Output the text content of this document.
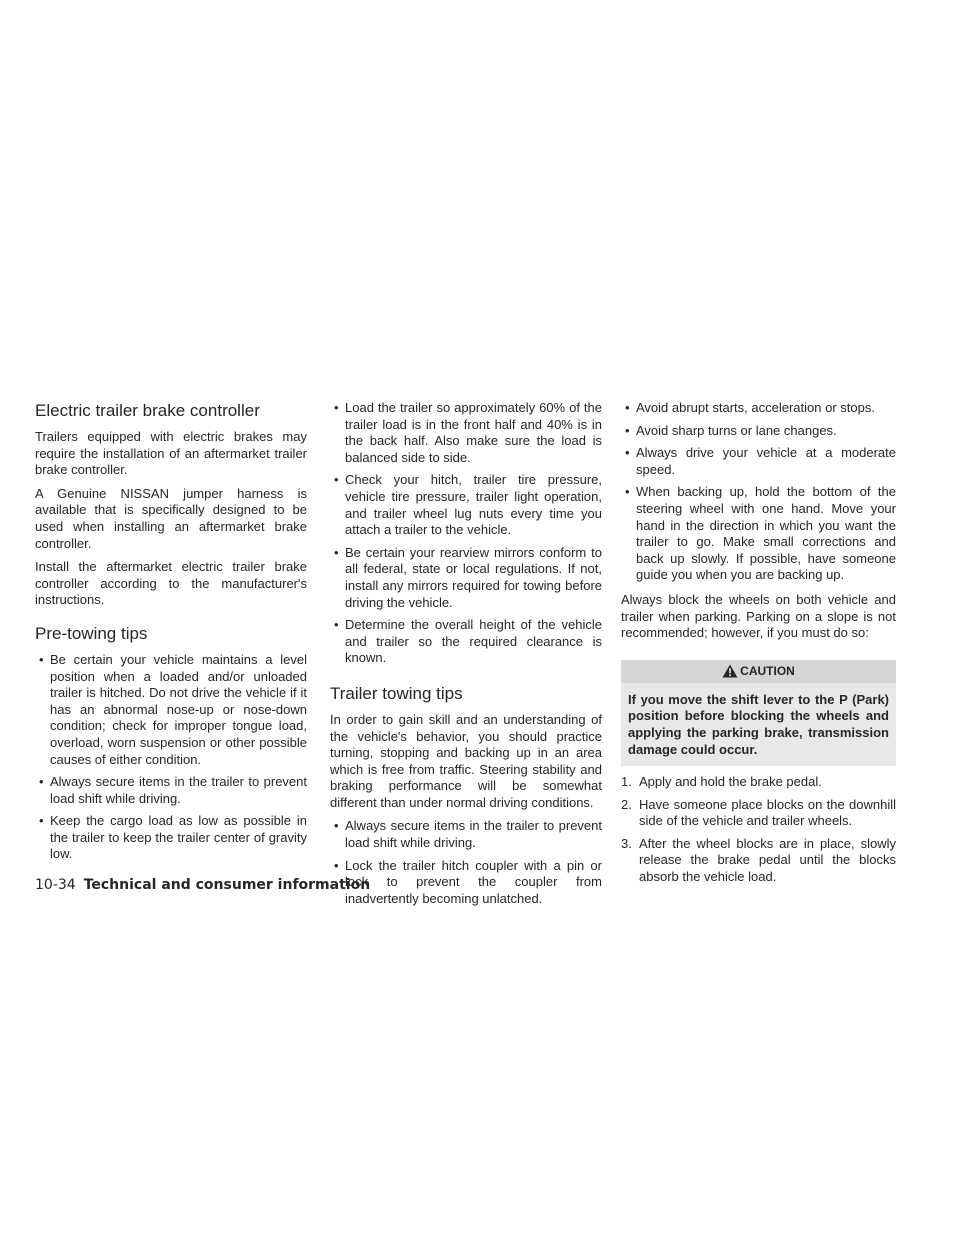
Electric trailer brake controller

Trailers equipped with electric brakes may require the installation of an aftermarket trailer brake controller.

A Genuine NISSAN jumper harness is available that is specifically designed to be used when installing an aftermarket brake controller.

Install the aftermarket electric trailer brake controller according to the manufacturer's instructions.

Pre-towing tips
• Be certain your vehicle maintains a level position when a loaded and/or unloaded trailer is hitched. Do not drive the vehicle if it has an abnormal nose-up or nose-down condition; check for improper tongue load, overload, worn suspension or other possible causes of either condition.
• Always secure items in the trailer to prevent load shift while driving.
• Keep the cargo load as low as possible in the trailer to keep the trailer center of gravity low.
• Load the trailer so approximately 60% of the trailer load is in the front half and 40% is in the back half. Also make sure the load is balanced side to side.
• Check your hitch, trailer tire pressure, vehicle tire pressure, trailer light operation, and trailer wheel lug nuts every time you attach a trailer to the vehicle.
• Be certain your rearview mirrors conform to all federal, state or local regulations. If not, install any mirrors required for towing before driving the vehicle.
• Determine the overall height of the vehicle and trailer so the required clearance is known.
Trailer towing tips

In order to gain skill and an understanding of the vehicle's behavior, you should practice turning, stopping and backing up in an area which is free from traffic. Steering stability and braking performance will be somewhat different than under normal driving conditions.

• Always secure items in the trailer to prevent load shift while driving.
• Lock the trailer hitch coupler with a pin or lock to prevent the coupler from inadvertently becoming unlatched.
• Avoid abrupt starts, acceleration or stops.
• Avoid sharp turns or lane changes.
• Always drive your vehicle at a moderate speed.
• When backing up, hold the bottom of the steering wheel with one hand. Move your hand in the direction in which you want the trailer to go. Make small corrections and back up slowly. If possible, have someone guide you when you are backing up.

Always block the wheels on both vehicle and trailer when parking. Parking on a slope is not recommended; however, if you must do so:

CAUTION
If you move the shift lever to the P (Park) position before blocking the wheels and applying the parking brake, transmission damage could occur.
1. Apply and hold the brake pedal.
2. Have someone place blocks on the downhill side of the vehicle and trailer wheels.
3. After the wheel blocks are in place, slowly release the brake pedal until the blocks absorb the vehicle load.
10-34 Technical and consumer information
